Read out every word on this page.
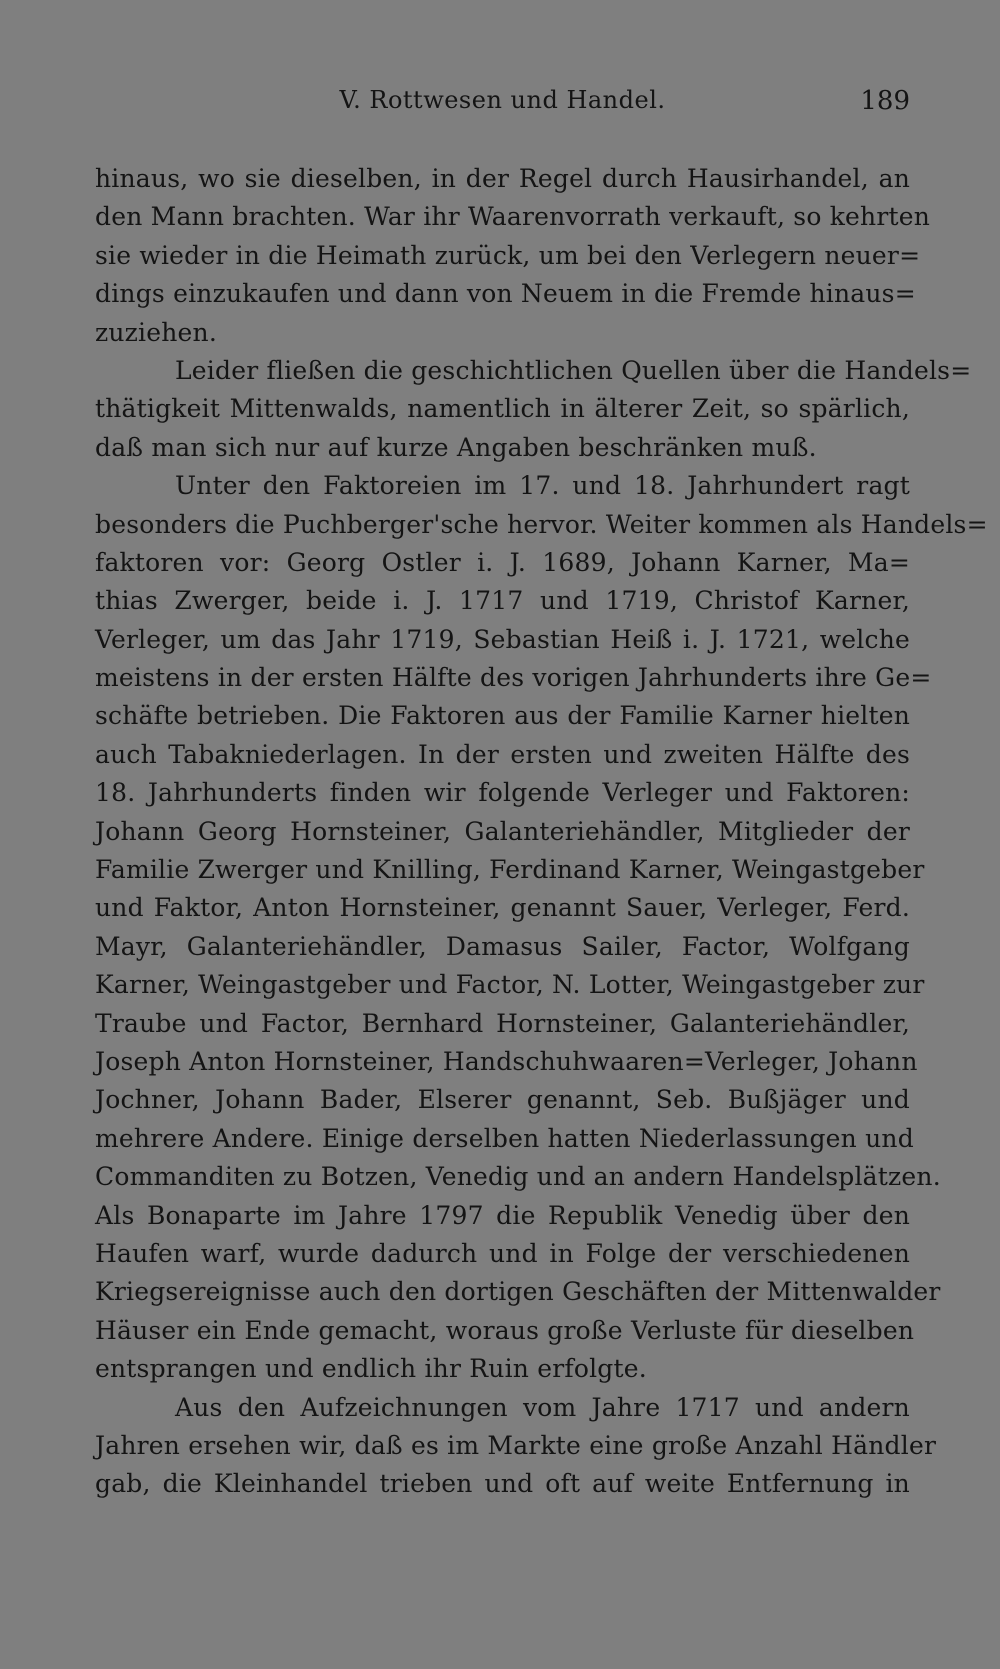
V. Rottwesen und Handel.	189
hinaus, wo sie dieselben, in der Regel durch Hausirhandel, an
den Mann brachten. War ihr Waarenvorrath verkauft, so kehrten
sie wieder in die Heimath zurück, um bei den Verlegern neuer=
dings einzukaufen und dann von Neuem in die Fremde hinaus=
zuziehen.
Leider fließen die geschichtlichen Quellen über die Handels=
thätigkeit Mittenwalds, namentlich in älterer Zeit, so spärlich,
daß man sich nur auf kurze Angaben beschränken muß.
Unter den Faktoreien im 17. und 18. Jahrhundert ragt
besonders die Puchberger'sche hervor. Weiter kommen als Handels=
faktoren vor: Georg Ostler i. J. 1689, Johann Karner, Ma=
thias Zwerger, beide i. J. 1717 und 1719, Christof Karner,
Verleger, um das Jahr 1719, Sebastian Heiß i. J. 1721, welche
meistens in der ersten Hälfte des vorigen Jahrhunderts ihre Ge=
schäfte betrieben. Die Faktoren aus der Familie Karner hielten
auch Tabakniederlagen. In der ersten und zweiten Hälfte des
18. Jahrhunderts finden wir folgende Verleger und Faktoren:
Johann Georg Hornsteiner, Galanteriehändler, Mitglieder der
Familie Zwerger und Knilling, Ferdinand Karner, Weingastgeber
und Faktor, Anton Hornsteiner, genannt Sauer, Verleger, Ferd.
Mayr, Galanteriehändler, Damasus Sailer, Factor, Wolfgang
Karner, Weingastgeber und Factor, N. Lotter, Weingastgeber zur
Traube und Factor, Bernhard Hornsteiner, Galanteriehändler,
Joseph Anton Hornsteiner, Handschuhwaaren=Verleger, Johann
Jochner, Johann Bader, Elserer genannt, Seb. Bußjäger und
mehrere Andere. Einige derselben hatten Niederlassungen und
Commanditen zu Botzen, Venedig und an andern Handelsplätzen.
Als Bonaparte im Jahre 1797 die Republik Venedig über den
Haufen warf, wurde dadurch und in Folge der verschiedenen
Kriegsereignisse auch den dortigen Geschäften der Mittenwalder
Häuser ein Ende gemacht, woraus große Verluste für dieselben
entsprangen und endlich ihr Ruin erfolgte.
Aus den Aufzeichnungen vom Jahre 1717 und andern
Jahren ersehen wir, daß es im Markte eine große Anzahl Händler
gab, die Kleinhandel trieben und oft auf weite Entfernung in
